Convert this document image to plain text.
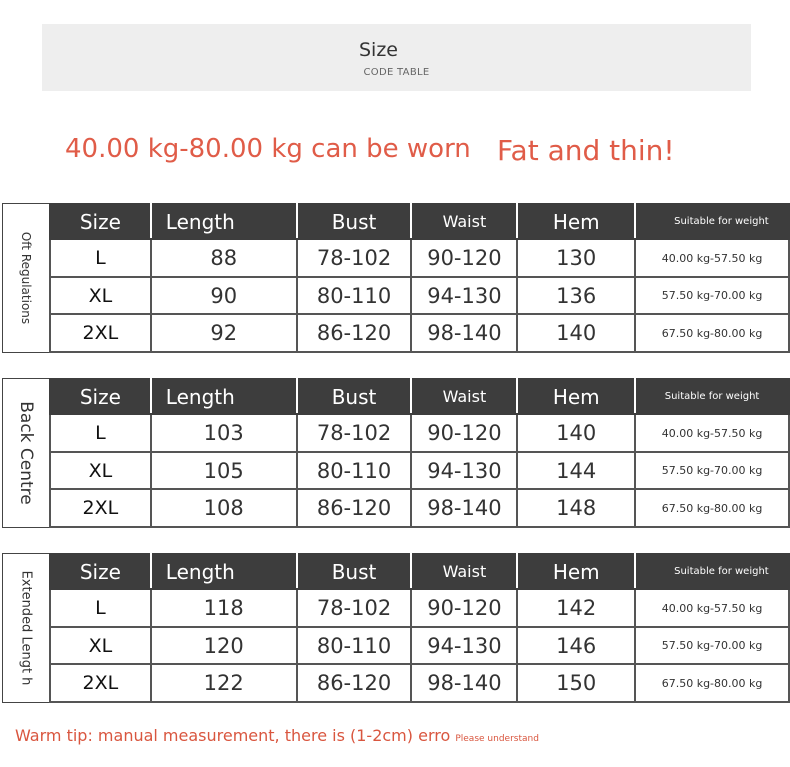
Size
CODE TABLE
40.00 kg-80.00 kg can be worn Fat and thin!
Oft Regulations
Size	Length	Bust	Waist	Hem	Suitable for weight
L	88	78-102	90-120	130	40.00 kg-57.50 kg
XL	90	80-110	94-130	136	57.50 kg-70.00 kg
2XL	92	86-120	98-140	140	67.50 kg-80.00 kg
Back Centre
Size	Length	Bust	Waist	Hem	Suitable for weight
L	103	78-102	90-120	140	40.00 kg-57.50 kg
XL	105	80-110	94-130	144	57.50 kg-70.00 kg
2XL	108	86-120	98-140	148	67.50 kg-80.00 kg
Extended Lengt h Size	Length	Bust	Waist	Hem	Suitable for weight
L	118	78-102	90-120	142	40.00 kg-57.50 kg
XL	120	80-110	94-130	146	57.50 kg-70.00 kg
2XL	122	86-120	98-140	150	67.50 kg-80.00 kg
Warm tip: manual measurement, there is (1-2cm) erro Please understand
